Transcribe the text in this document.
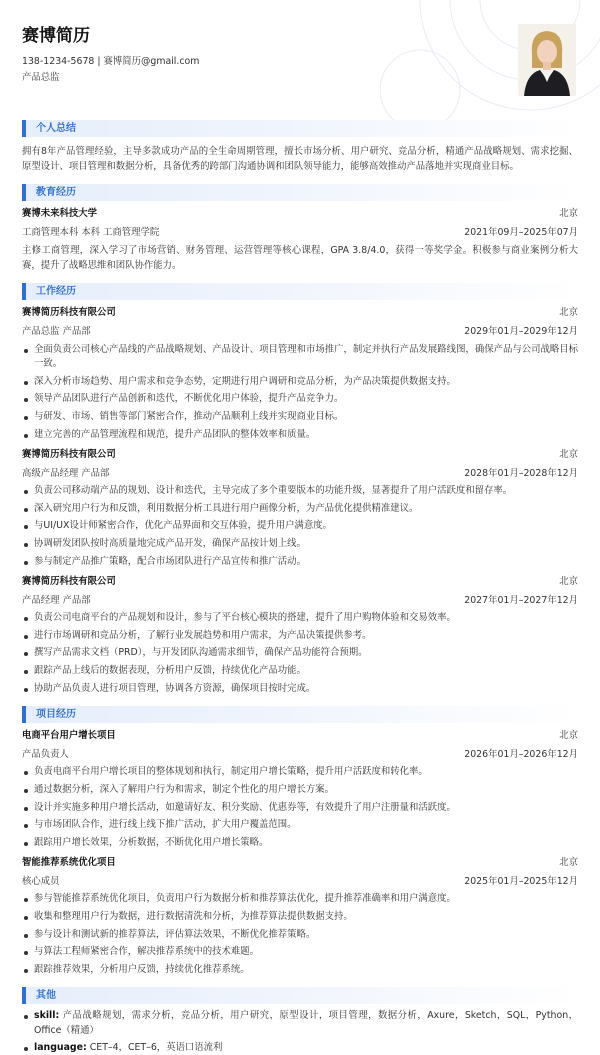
赛博简历
138-1234-5678 | 赛博简历@gmail.com
产品总监
个人总结
拥有8年产品管理经验，主导多款成功产品的全生命周期管理，擅长市场分析、用户研究、竞品分析，精通产品战略规划、需求挖掘、原型设计、项目管理和数据分析，具备优秀的跨部门沟通协调和团队领导能力，能够高效推动产品落地并实现商业目标。
教育经历
赛博未来科技大学	北京
工商管理本科 本科 工商管理学院	2021年09月–2025年07月
主修工商管理，深入学习了市场营销、财务管理、运营管理等核心课程，GPA 3.8/4.0，获得一等奖学金。积极参与商业案例分析大赛，提升了战略思维和团队协作能力。
工作经历
赛博简历科技有限公司	北京
产品总监 产品部	2029年01月–2029年12月
全面负责公司核心产品线的产品战略规划、产品设计、项目管理和市场推广，制定并执行产品发展路线图，确保产品与公司战略目标一致。
深入分析市场趋势、用户需求和竞争态势，定期进行用户调研和竞品分析，为产品决策提供数据支持。
领导产品团队进行产品创新和迭代，不断优化用户体验，提升产品竞争力。
与研发、市场、销售等部门紧密合作，推动产品顺利上线并实现商业目标。
建立完善的产品管理流程和规范，提升产品团队的整体效率和质量。
赛博简历科技有限公司	北京
高级产品经理 产品部	2028年01月–2028年12月
负责公司移动端产品的规划、设计和迭代，主导完成了多个重要版本的功能升级，显著提升了用户活跃度和留存率。
深入研究用户行为和反馈，利用数据分析工具进行用户画像分析，为产品优化提供精准建议。
与UI/UX设计师紧密合作，优化产品界面和交互体验，提升用户满意度。
协调研发团队按时高质量地完成产品开发，确保产品按计划上线。
参与制定产品推广策略，配合市场团队进行产品宣传和推广活动。
赛博简历科技有限公司	北京
产品经理 产品部	2027年01月–2027年12月
负责公司电商平台的产品规划和设计，参与了平台核心模块的搭建，提升了用户购物体验和交易效率。
进行市场调研和竞品分析，了解行业发展趋势和用户需求，为产品决策提供参考。
撰写产品需求文档（PRD），与开发团队沟通需求细节，确保产品功能符合预期。
跟踪产品上线后的数据表现，分析用户反馈，持续优化产品功能。
协助产品负责人进行项目管理，协调各方资源，确保项目按时完成。
项目经历
电商平台用户增长项目	北京
产品负责人	2026年01月–2026年12月
负责电商平台用户增长项目的整体规划和执行，制定用户增长策略，提升用户活跃度和转化率。
通过数据分析，深入了解用户行为和需求，制定个性化的用户增长方案。
设计并实施多种用户增长活动，如邀请好友、积分奖励、优惠券等，有效提升了用户注册量和活跃度。
与市场团队合作，进行线上线下推广活动，扩大用户覆盖范围。
跟踪用户增长效果，分析数据，不断优化用户增长策略。
智能推荐系统优化项目	北京
核心成员	2025年01月–2025年12月
参与智能推荐系统优化项目，负责用户行为数据分析和推荐算法优化，提升推荐准确率和用户满意度。
收集和整理用户行为数据，进行数据清洗和分析，为推荐算法提供数据支持。
参与设计和测试新的推荐算法，评估算法效果，不断优化推荐策略。
与算法工程师紧密合作，解决推荐系统中的技术难题。
跟踪推荐效果，分析用户反馈，持续优化推荐系统。
其他
skill: 产品战略规划，需求分析，竞品分析，用户研究，原型设计，项目管理，数据分析，Axure，Sketch，SQL，Python，Office（精通）
language: CET–4，CET–6，英语口语流利
